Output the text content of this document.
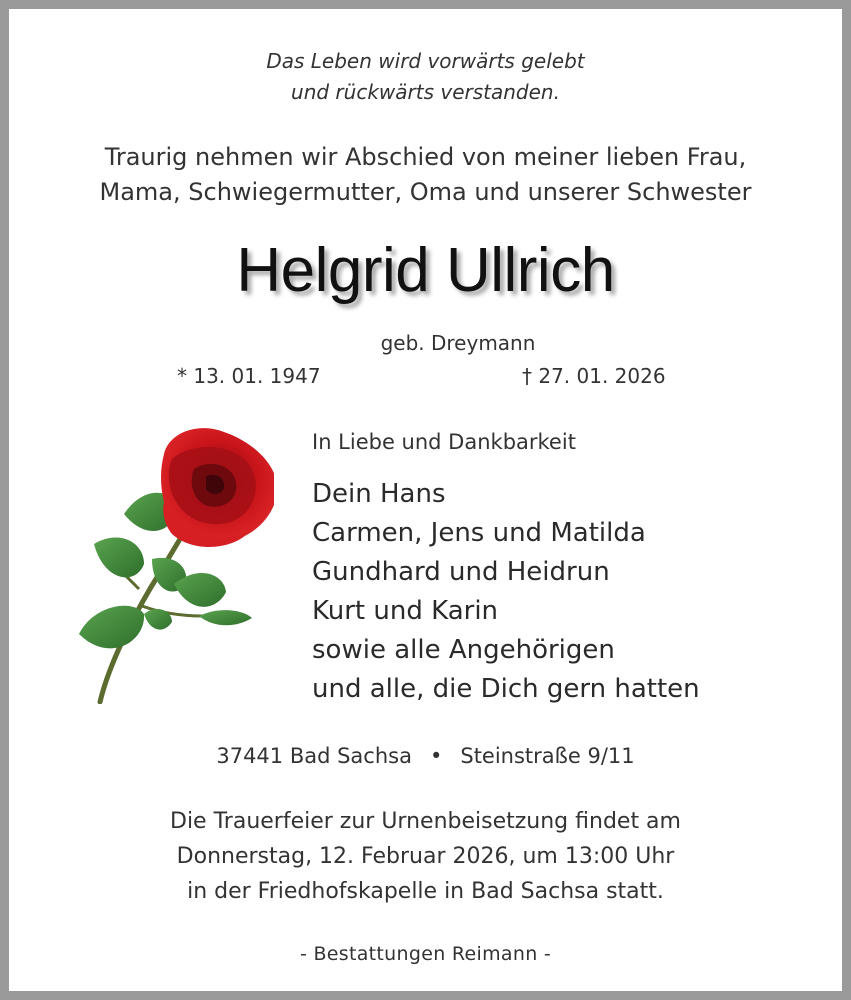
Das Leben wird vorwärts gelebt
und rückwärts verstanden.
Traurig nehmen wir Abschied von meiner lieben Frau,
Mama, Schwiegermutter, Oma und unserer Schwester
Helgrid Ullrich
geb. Dreymann
* 13. 01. 1947	† 27. 01. 2026
In Liebe und Dankbarkeit
Dein Hans
Carmen, Jens und Matilda
Gundhard und Heidrun
Kurt und Karin
sowie alle Angehörigen
und alle, die Dich gern hatten
37441 Bad Sachsa • Steinstraße 9/11
Die Trauerfeier zur Urnenbeisetzung findet am
Donnerstag, 12. Februar 2026, um 13:00 Uhr
in der Friedhofskapelle in Bad Sachsa statt.
- Bestattungen Reimann -
